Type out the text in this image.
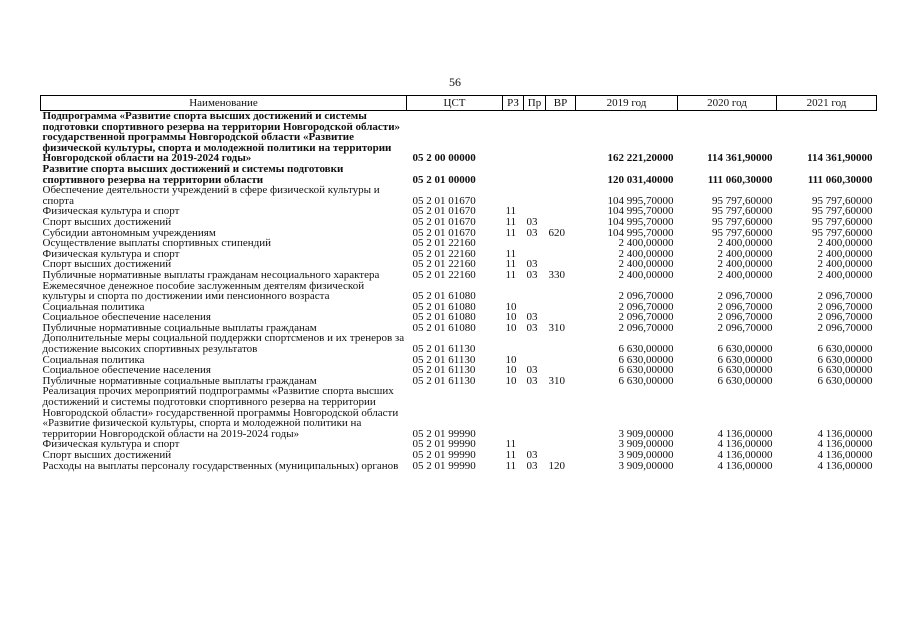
56
Наименование	ЦСТ	РЗ	Пр	ВР	2019 год	2020 год	2021 год
Подпрограмма «Развитие спорта высших достижений и системы подготовки спортивного резерва на территории Новгородской области» государственной программы Новгородской области «Развитие физической культуры, спорта и молодежной политики на территории Новгородской области на 2019-2024 годы»	05 2 00 00000				162 221,20000	114 361,90000	114 361,90000
Развитие спорта высших достижений и системы подготовки спортивного резерва на территории области	05 2 01 00000				120 031,40000	111 060,30000	111 060,30000
Обеспечение деятельности учреждений в сфере физической культуры и спорта	05 2 01 01670				104 995,70000	95 797,60000	95 797,60000
Физическая культура и спорт	05 2 01 01670	11			104 995,70000	95 797,60000	95 797,60000
Спорт высших достижений	05 2 01 01670	11	03		104 995,70000	95 797,60000	95 797,60000
Субсидии автономным учреждениям	05 2 01 01670	11	03	620	104 995,70000	95 797,60000	95 797,60000
Осуществление выплаты спортивных стипендий	05 2 01 22160				2 400,00000	2 400,00000	2 400,00000
Физическая культура и спорт	05 2 01 22160	11			2 400,00000	2 400,00000	2 400,00000
Спорт высших достижений	05 2 01 22160	11	03		2 400,00000	2 400,00000	2 400,00000
Публичные нормативные выплаты гражданам несоциального характера	05 2 01 22160	11	03	330	2 400,00000	2 400,00000	2 400,00000
Ежемесячное денежное пособие заслуженным деятелям физической культуры и спорта по достижении ими пенсионного возраста	05 2 01 61080				2 096,70000	2 096,70000	2 096,70000
Социальная политика	05 2 01 61080	10			2 096,70000	2 096,70000	2 096,70000
Социальное обеспечение населения	05 2 01 61080	10	03		2 096,70000	2 096,70000	2 096,70000
Публичные нормативные социальные выплаты гражданам	05 2 01 61080	10	03	310	2 096,70000	2 096,70000	2 096,70000
Дополнительные меры социальной поддержки спортсменов и их тренеров за достижение высоких спортивных результатов	05 2 01 61130				6 630,00000	6 630,00000	6 630,00000
Социальная политика	05 2 01 61130	10			6 630,00000	6 630,00000	6 630,00000
Социальное обеспечение населения	05 2 01 61130	10	03		6 630,00000	6 630,00000	6 630,00000
Публичные нормативные социальные выплаты гражданам	05 2 01 61130	10	03	310	6 630,00000	6 630,00000	6 630,00000
Реализация прочих мероприятий подпрограммы «Развитие спорта высших достижений и системы подготовки спортивного резерва на территории Новгородской области» государственной программы Новгородской области «Развитие физической культуры, спорта и молодежной политики на территории Новгородской области на 2019-2024 годы»	05 2 01 99990				3 909,00000	4 136,00000	4 136,00000
Физическая культура и спорт	05 2 01 99990	11			3 909,00000	4 136,00000	4 136,00000
Спорт высших достижений	05 2 01 99990	11	03		3 909,00000	4 136,00000	4 136,00000
Расходы на выплаты персоналу государственных (муниципальных) органов	05 2 01 99990	11	03	120	3 909,00000	4 136,00000	4 136,00000
